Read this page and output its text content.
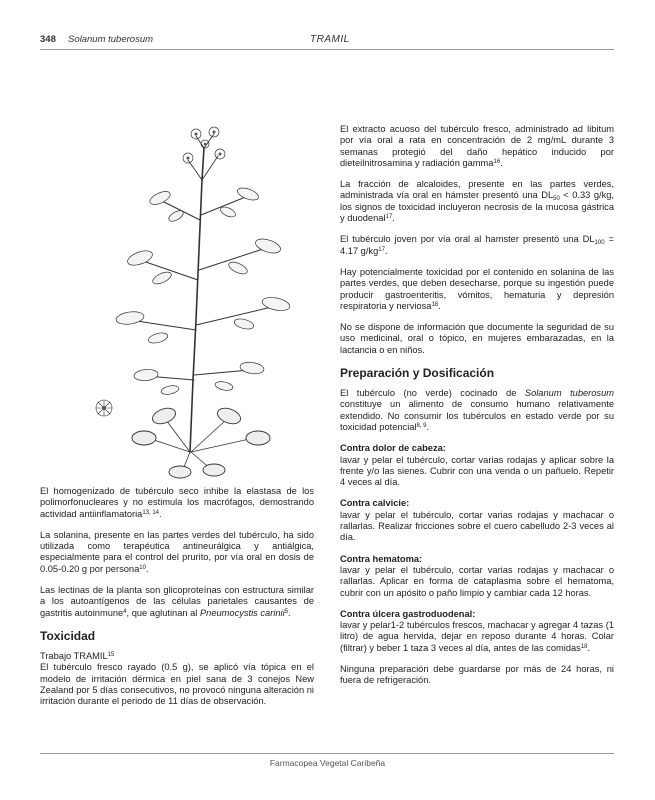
348 Solanum tuberosum	TRAMIL

El homogenizado de tubérculo seco inhibe la elastasa de los polimorfonucleares y no estimula los macrófagos, demostrando actividad antiinflamatoria$^{13, 14}$.

La solanina, presente en las partes verdes del tubérculo, ha sido utilizada como terapéutica antineurálgica y antiálgica, especialmente para el control del prurito, por vía oral en dosis de 0.05-0.20 g por persona$^{10}$.

Las lectinas de la planta son glicoproteínas con estructura similar a los autoantígenos de las células parietales causantes de gastritis autoinmune$^4$, que aglutinan al Pneumocystis carinii$^5$.

Toxicidad

Trabajo TRAMIL$^{15}$

El tubérculo fresco rayado (0.5 g), se aplicó vía tópica en el modelo de irritación dérmica en piel sana de 3 conejos New Zealand por 5 días consecutivos, no provocó ninguna alteración ni irritación durante el periodo de 11 días de observación.

El extracto acuoso del tubérculo fresco, administrado ad libitum por vía oral a rata en concentración de 2 mg/mL durante 3 semanas protegió del daño hepático inducido por dieteilnitrosamina y radiación gamma$^{16}$.

La fracción de alcaloides, presente en las partes verdes, administrada vía oral en hámster presentó una $DL_{50} < 0.33$ g/kg, los signos de toxicidad incluyeron necrosis de la mucosa gástrica y duodenal$^{17}$.

El tubérculo joven por vía oral al hamster presentó una $DL_{100} = 4.17$ $g/kg^{17}$.

Hay potencialmente toxicidad por el contenido en solanina de las partes verdes, que deben desecharse, porque su ingestión puede producir gastroenteritis, vómitos, hematuria y depresión respiratoria y nerviosa$^{18}$.

No se dispone de información que documente la seguridad de su uso medicinal, oral o tópico, en mujeres embarazadas, en la lactancia o en niños.

Preparación y Dosificación

El tubérculo (no verde) cocinado de Solanum tuberosum constituye un alimento de consumo humano relativamente extendido. No consumir los tubérculos en estado verde por su toxicidad potencial$^{8, 9}$.

Contra dolor de cabeza:

lavar y pelar el tubérculo, cortar varias rodajas y aplicar sobre la frente y/o las sienes. Cubrir con una venda o un pañuelo. Repetir 4 veces al día.

Contra calvicie:

lavar y pelar el tubérculo, cortar varias rodajas y machacar o rallarlas. Realizar fricciones sobre el cuero cabelludo 2-3 veces al día.

Contra hematoma:

lavar y pelar el tubérculo, cortar varias rodajas y machacar o rallarlas. Aplicar en forma de cataplasma sobre el hematoma, cubrir con un apósito o paño limpio y cambiar cada 12 horas.

Contra úlcera gastroduodenal:

lavar y pelar1-2 tubérculos frescos, machacar y agregar 4 tazas (1 litro) de agua hervida, dejar en reposo durante 4 horas. Colar (filtrar) y beber 1 taza 3 veces al día, antes de las comidas$^{18}$.

Ninguna preparación debe guardarse por más de 24 horas, ni fuera de refrigeración.

Farmacopea Vegetal Caribeña
